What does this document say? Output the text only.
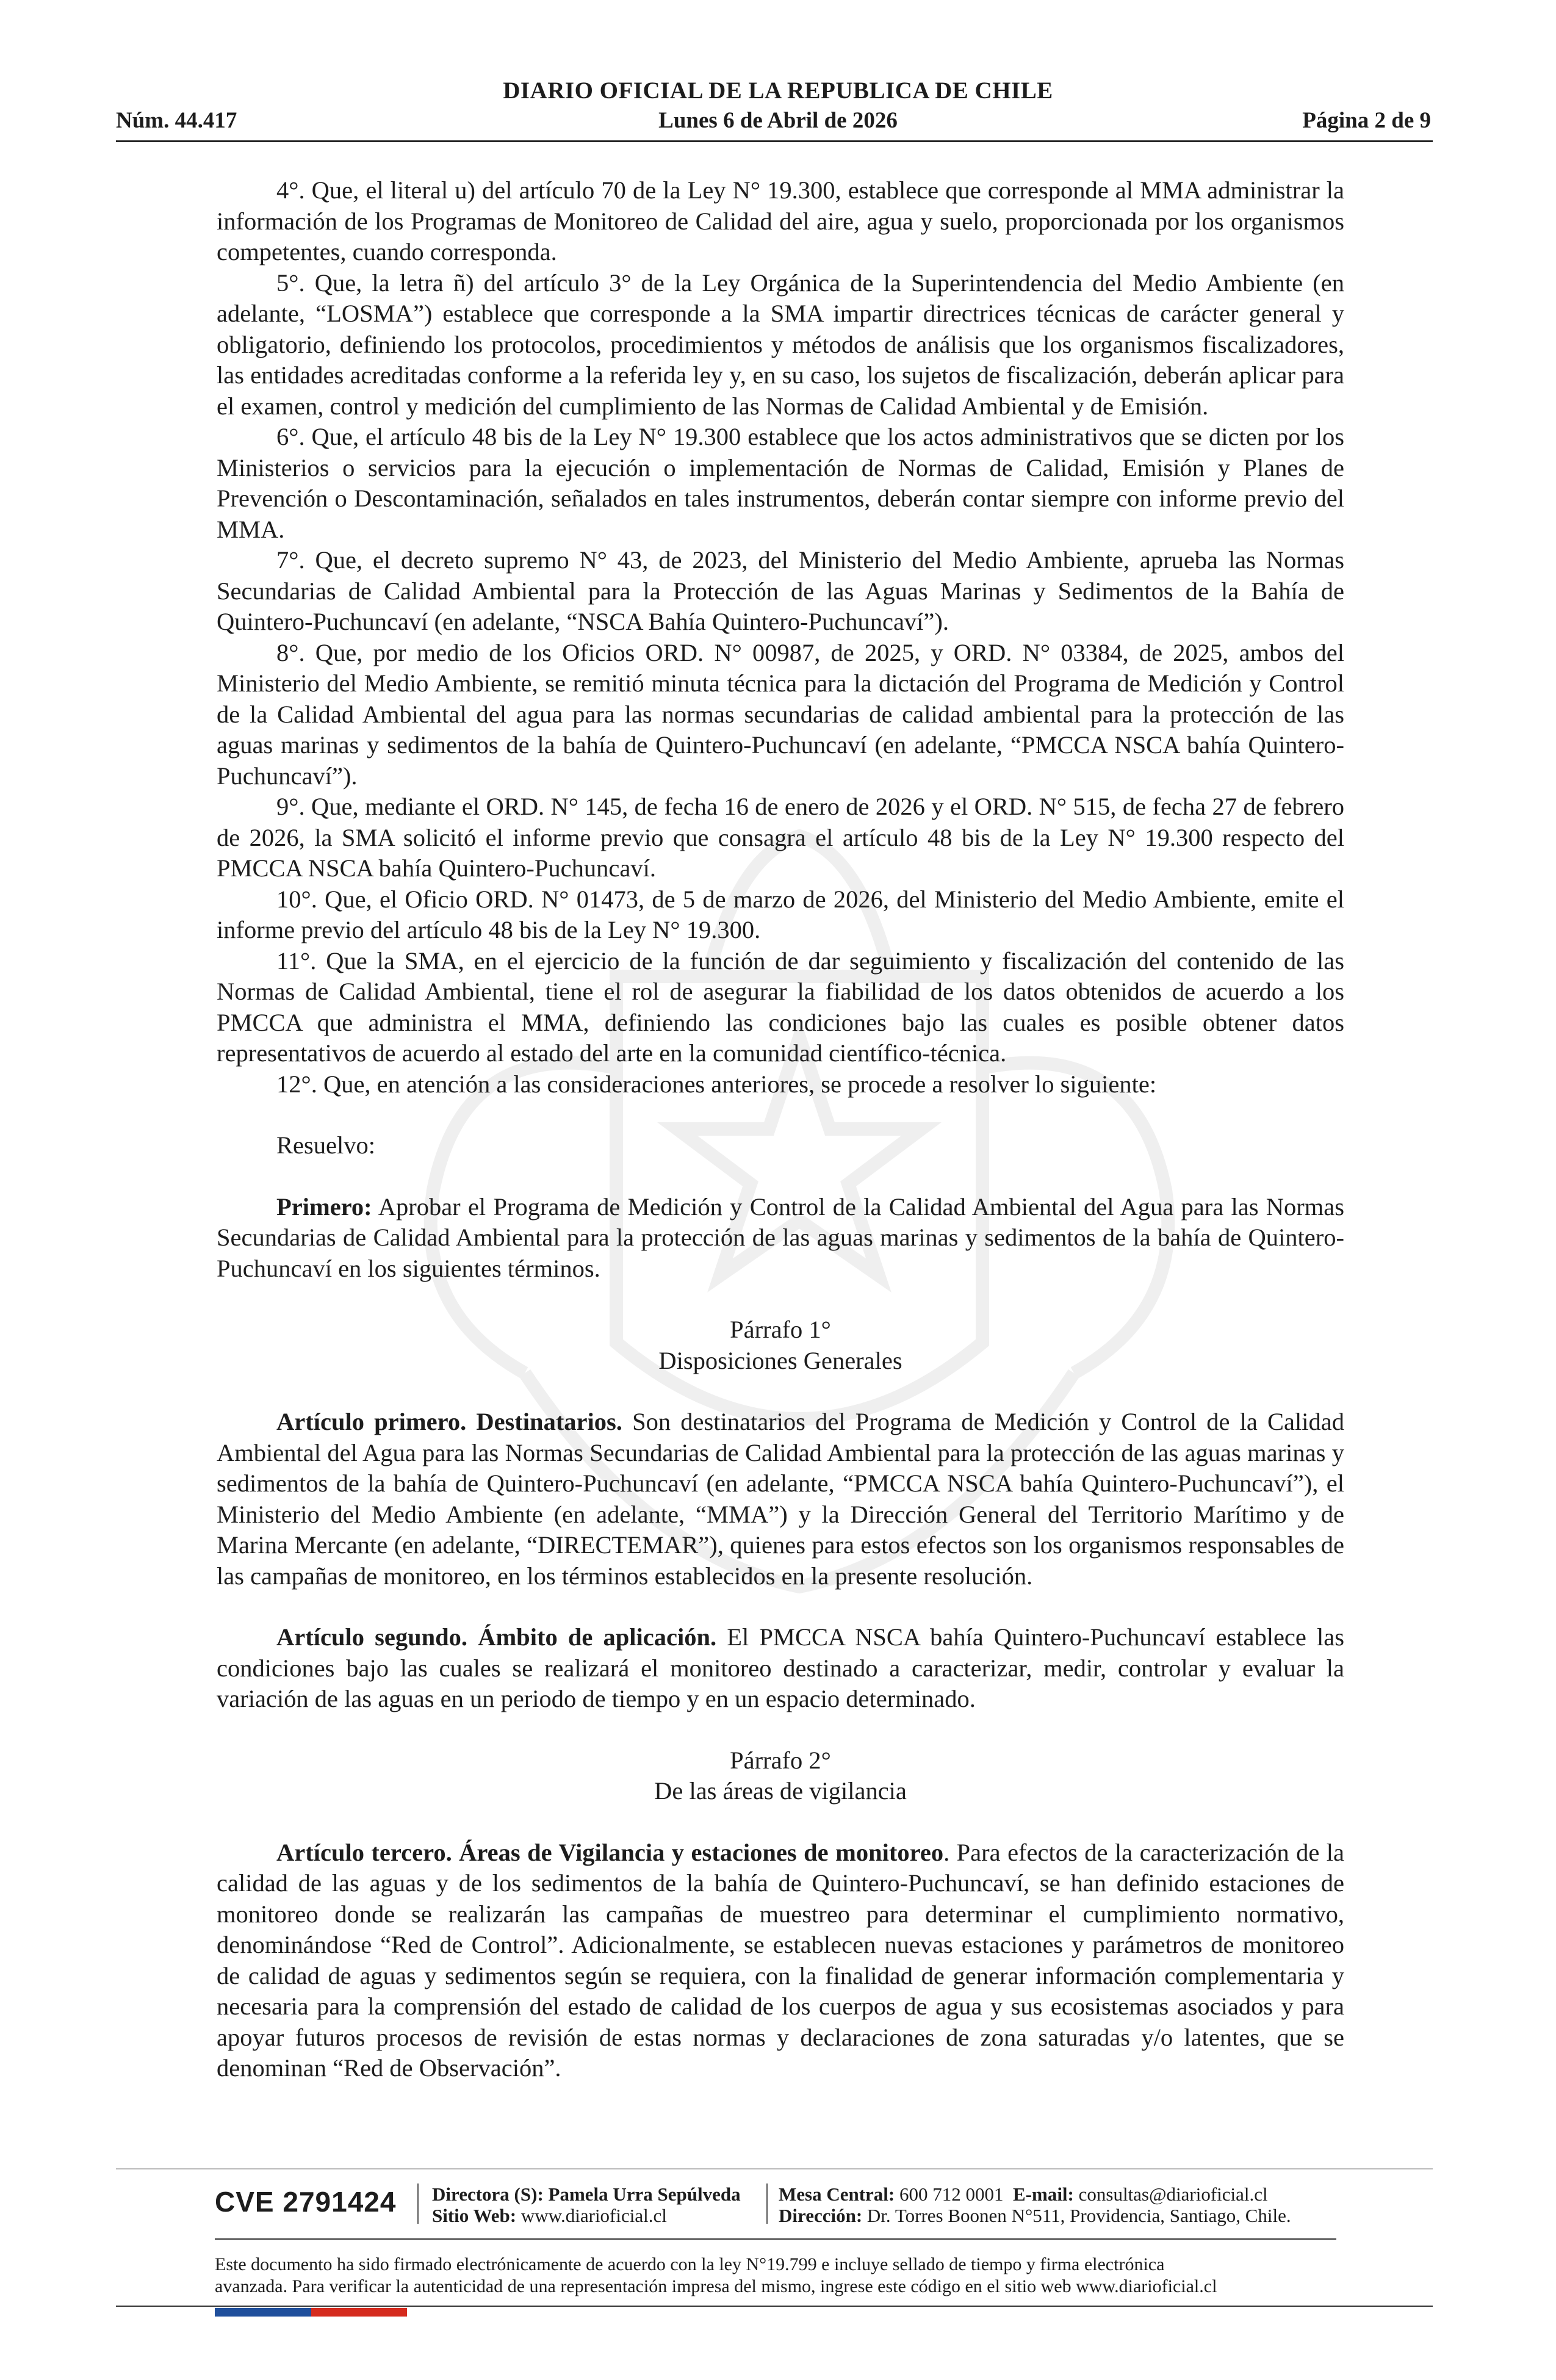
DIARIO OFICIAL DE LA REPUBLICA DE CHILE
Núm. 44.417	Lunes 6 de Abril de 2026	Página 2 de 9

4°. Que, el literal u) del artículo 70 de la Ley N° 19.300, establece que corresponde al MMA administrar la información de los Programas de Monitoreo de Calidad del aire, agua y suelo, proporcionada por los organismos competentes, cuando corresponda.

5°. Que, la letra ñ) del artículo 3° de la Ley Orgánica de la Superintendencia del Medio Ambiente (en adelante, “LOSMA”) establece que corresponde a la SMA impartir directrices técnicas de carácter general y obligatorio, definiendo los protocolos, procedimientos y métodos de análisis que los organismos fiscalizadores, las entidades acreditadas conforme a la referida ley y, en su caso, los sujetos de fiscalización, deberán aplicar para el examen, control y medición del cumplimiento de las Normas de Calidad Ambiental y de Emisión.

6°. Que, el artículo 48 bis de la Ley N° 19.300 establece que los actos administrativos que se dicten por los Ministerios o servicios para la ejecución o implementación de Normas de Calidad, Emisión y Planes de Prevención o Descontaminación, señalados en tales instrumentos, deberán contar siempre con informe previo del MMA.

7°. Que, el decreto supremo N° 43, de 2023, del Ministerio del Medio Ambiente, aprueba las Normas Secundarias de Calidad Ambiental para la Protección de las Aguas Marinas y Sedimentos de la Bahía de Quintero-Puchuncaví (en adelante, “NSCA Bahía Quintero-Puchuncaví”).

8°. Que, por medio de los Oficios ORD. N° 00987, de 2025, y ORD. N° 03384, de 2025, ambos del Ministerio del Medio Ambiente, se remitió minuta técnica para la dictación del Programa de Medición y Control de la Calidad Ambiental del agua para las normas secundarias de calidad ambiental para la protección de las aguas marinas y sedimentos de la bahía de Quintero-Puchuncaví (en adelante, “PMCCA NSCA bahía Quintero-Puchuncaví”).

9°. Que, mediante el ORD. N° 145, de fecha 16 de enero de 2026 y el ORD. N° 515, de fecha 27 de febrero de 2026, la SMA solicitó el informe previo que consagra el artículo 48 bis de la Ley N° 19.300 respecto del PMCCA NSCA bahía Quintero-Puchuncaví.

10°. Que, el Oficio ORD. N° 01473, de 5 de marzo de 2026, del Ministerio del Medio Ambiente, emite el informe previo del artículo 48 bis de la Ley N° 19.300.

11°. Que la SMA, en el ejercicio de la función de dar seguimiento y fiscalización del contenido de las Normas de Calidad Ambiental, tiene el rol de asegurar la fiabilidad de los datos obtenidos de acuerdo a los PMCCA que administra el MMA, definiendo las condiciones bajo las cuales es posible obtener datos representativos de acuerdo al estado del arte en la comunidad científico-técnica.

12°. Que, en atención a las consideraciones anteriores, se procede a resolver lo siguiente:

Resuelvo:

Primero: Aprobar el Programa de Medición y Control de la Calidad Ambiental del Agua para las Normas Secundarias de Calidad Ambiental para la protección de las aguas marinas y sedimentos de la bahía de Quintero-Puchuncaví en los siguientes términos.

Párrafo 1°

Disposiciones Generales

Artículo primero. Destinatarios. Son destinatarios del Programa de Medición y Control de la Calidad Ambiental del Agua para las Normas Secundarias de Calidad Ambiental para la protección de las aguas marinas y sedimentos de la bahía de Quintero-Puchuncaví (en adelante, “PMCCA NSCA bahía Quintero-Puchuncaví”), el Ministerio del Medio Ambiente (en adelante, “MMA”) y la Dirección General del Territorio Marítimo y de Marina Mercante (en adelante, “DIRECTEMAR”), quienes para estos efectos son los organismos responsables de las campañas de monitoreo, en los términos establecidos en la presente resolución.

Artículo segundo. Ámbito de aplicación. El PMCCA NSCA bahía Quintero-Puchuncaví establece las condiciones bajo las cuales se realizará el monitoreo destinado a caracterizar, medir, controlar y evaluar la variación de las aguas en un periodo de tiempo y en un espacio determinado.

Párrafo 2°

De las áreas de vigilancia

Artículo tercero. Áreas de Vigilancia y estaciones de monitoreo. Para efectos de la caracterización de la calidad de las aguas y de los sedimentos de la bahía de Quintero-Puchuncaví, se han definido estaciones de monitoreo donde se realizarán las campañas de muestreo para determinar el cumplimiento normativo, denominándose “Red de Control”. Adicionalmente, se establecen nuevas estaciones y parámetros de monitoreo de calidad de aguas y sedimentos según se requiera, con la finalidad de generar información complementaria y necesaria para la comprensión del estado de calidad de los cuerpos de agua y sus ecosistemas asociados y para apoyar futuros procesos de revisión de estas normas y declaraciones de zona saturadas y/o latentes, que se denominan “Red de Observación”.

CVE 2791424 Directora (S): Pamela Urra Sepúlveda
Sitio Web: www.diarioficial.cl
Mesa Central: 600 712 0001 E-mail: consultas@diarioficial.cl
Dirección: Dr. Torres Boonen N°511, Providencia, Santiago, Chile.
Este documento ha sido firmado electrónicamente de acuerdo con la ley N°19.799 e incluye sellado de tiempo y firma electrónica
avanzada. Para verificar la autenticidad de una representación impresa del mismo, ingrese este código en el sitio web www.diarioficial.cl
